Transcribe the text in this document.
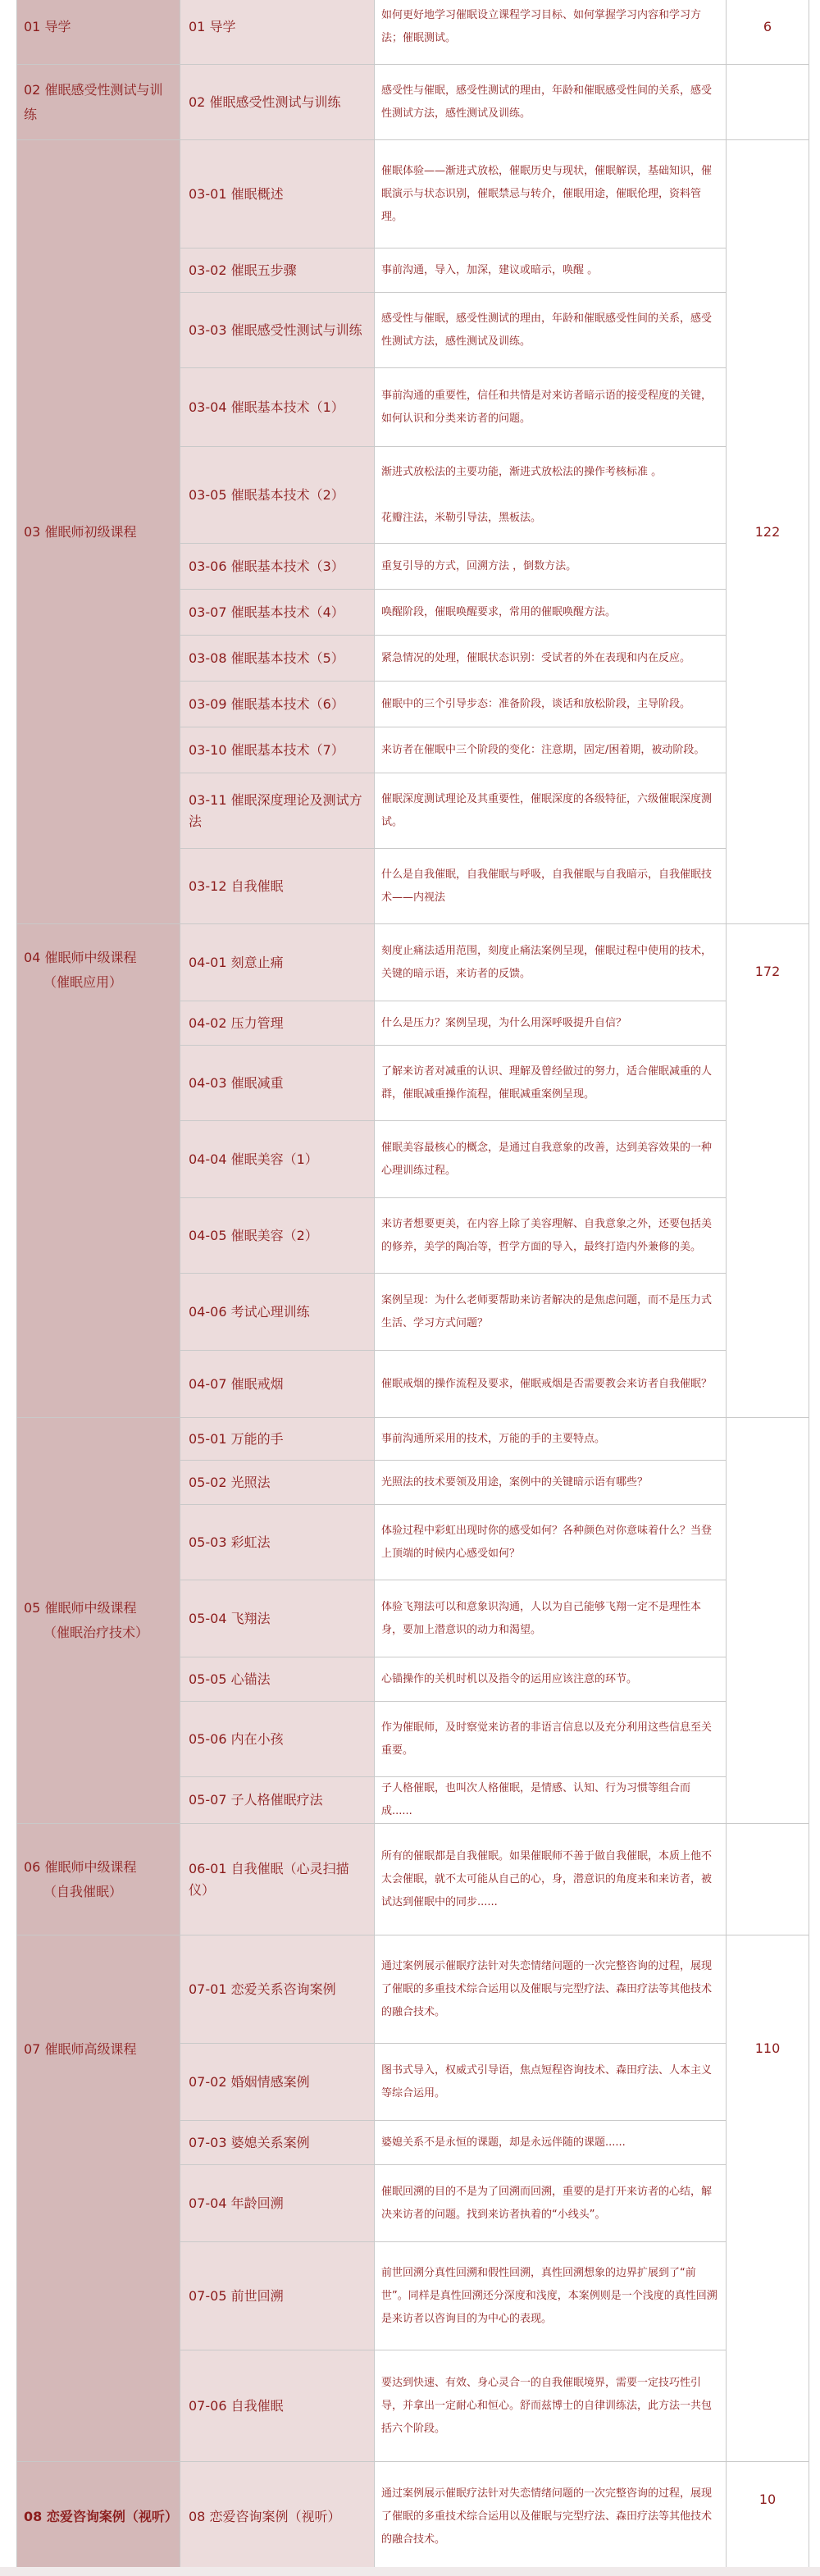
01 导学	01 导学	如何更好地学习催眠设立课程学习目标、如何掌握学习内容和学习方法；催眠测试。	6
02 催眠感受性测试与训练	02 催眠感受性测试与训练	感受性与催眠，感受性测试的理由，年龄和催眠感受性间的关系，感受性测试方法，感性测试及训练。	
03 催眠师初级课程	03-01 催眠概述	催眠体验——渐进式放松，催眠历史与现状，催眠解误，基础知识，催眠演示与状态识别，催眠禁忌与转介，催眠用途，催眠伦理，资料管理。	122
	03-02 催眠五步骤	事前沟通，导入，加深，建议或暗示，唤醒 。	
	03-03 催眠感受性测试与训练	感受性与催眠，感受性测试的理由，年龄和催眠感受性间的关系，感受性测试方法，感性测试及训练。	
	03-04 催眠基本技术（1）	事前沟通的重要性，信任和共情是对来访者暗示语的接受程度的关键，如何认识和分类来访者的问题。	
	03-05 催眠基本技术（2）	渐进式放松法的主要功能，渐进式放松法的操作考核标准 。
花瓣注法，米勒引导法，黑板法。	

	03-06 催眠基本技术（3）	重复引导的方式，回溯方法 ，倒数方法。	
	03-07 催眠基本技术（4）	唤醒阶段，催眠唤醒要求，常用的催眠唤醒方法。	
	03-08 催眠基本技术（5）	紧急情况的处理，催眠状态识别：受试者的外在表现和内在反应。	
	03-09 催眠基本技术（6）	催眠中的三个引导步态：准备阶段，谈话和放松阶段，主导阶段。	
	03-10 催眠基本技术（7）	来访者在催眠中三个阶段的变化：注意期，固定/困着期，被动阶段。	
	03-11 催眠深度理论及测试方法	催眠深度测试理论及其重要性，催眠深度的各级特征，六级催眠深度测试。	
	03-12 自我催眠	什么是自我催眠，自我催眠与呼吸，自我催眠与自我暗示，自我催眠技术——内视法	
04 催眠师中级课程
（催眠应用）	04-01 刻意止痛	刻度止痛法适用范围，刻度止痛法案例呈现，催眠过程中使用的技术，关键的暗示语，来访者的反馈。	172
	04-02 压力管理	什么是压力？案例呈现，为什么用深呼吸提升自信？	
	04-03 催眠减重	了解来访者对减重的认识、理解及曾经做过的努力，适合催眠减重的人群，催眠减重操作流程，催眠减重案例呈现。	
	04-04 催眠美容（1）	催眠美容最核心的概念，是通过自我意象的改善，达到美容效果的一种心理训练过程。	
	04-05 催眠美容（2）	来访者想要更美，在内容上除了美容理解、自我意象之外，还要包括美的修养，美学的陶冶等，哲学方面的导入，最终打造内外兼修的美。	
	04-06 考试心理训练	案例呈现：为什么老师要帮助来访者解决的是焦虑问题，而不是压力式生活、学习方式问题？	
	04-07 催眠戒烟	催眠戒烟的操作流程及要求，催眠戒烟是否需要教会来访者自我催眠？	
05 催眠师中级课程
（催眠治疗技术）	05-01 万能的手	事前沟通所采用的技术，万能的手的主要特点。	
	05-02 光照法	光照法的技术要领及用途，案例中的关键暗示语有哪些？	
	05-03 彩虹法	体验过程中彩虹出现时你的感受如何？各种颜色对你意味着什么？当登上顶端的时候内心感受如何？	
	05-04 飞翔法	体验飞翔法可以和意象识沟通，人以为自己能够飞翔一定不是理性本身，要加上潜意识的动力和渴望。	
	05-05 心锚法	心锚操作的关机时机以及指令的运用应该注意的环节。	
	05-06 内在小孩	作为催眠师，及时察觉来访者的非语言信息以及充分利用这些信息至关重要。	
	05-07 子人格催眠疗法	子人格催眠，也叫次人格催眠，是情感、认知、行为习惯等组合而成......	
06 催眠师中级课程
（自我催眠）	06-01 自我催眠（心灵扫描仪）	所有的催眠都是自我催眠。如果催眠师不善于做自我催眠，本质上他不太会催眠，就不太可能从自己的心，身，潜意识的角度来和来访者，被试达到催眠中的同步......	
07 催眠师高级课程	07-01 恋爱关系咨询案例	通过案例展示催眠疗法针对失恋情绪问题的一次完整咨询的过程，展现了催眠的多重技术综合运用以及催眠与完型疗法、森田疗法等其他技术的融合技术。	110
	07-02 婚姻情感案例	图书式导入，权威式引导语，焦点短程咨询技术、森田疗法、人本主义等综合运用。	
	07-03 婆媳关系案例	婆媳关系不是永恒的课题，却是永远伴随的课题......	
	07-04 年龄回溯	催眠回溯的目的不是为了回溯而回溯，重要的是打开来访者的心结，解决来访者的问题。找到来访者执着的“小线头”。	
	07-05 前世回溯	前世回溯分真性回溯和假性回溯，真性回溯想象的边界扩展到了“前世”。同样是真性回溯还分深度和浅度，本案例则是一个浅度的真性回溯是来访者以咨询目的为中心的表现。	
	07-06 自我催眠	要达到快速、有效、身心灵合一的自我催眠境界，需要一定技巧性引导，并拿出一定耐心和恒心。舒而兹博士的自律训练法，此方法一共包括六个阶段。	
08 恋爱咨询案例（视听）	08 恋爱咨询案例（视听）	通过案例展示催眠疗法针对失恋情绪问题的一次完整咨询的过程，展现了催眠的多重技术综合运用以及催眠与完型疗法、森田疗法等其他技术的融合技术。	10
